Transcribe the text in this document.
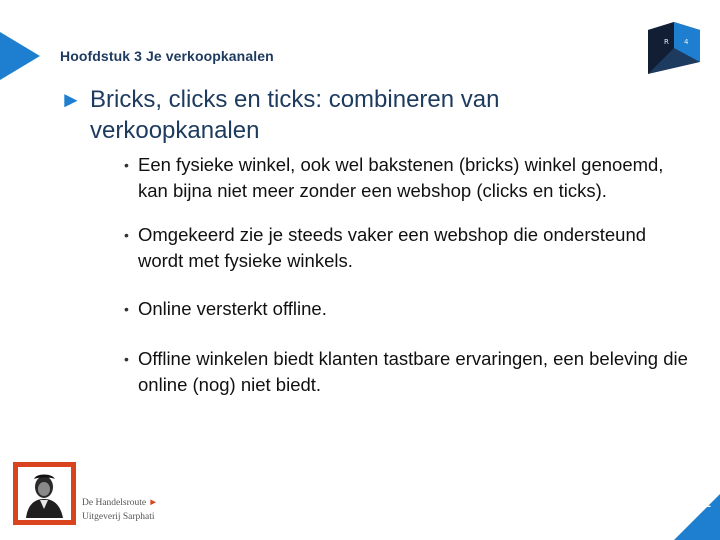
Hoofdstuk 3 Je verkoopkanalen
R 4
► Bricks, clicks en ticks: combineren van
verkoopkanalen
• Een fysieke winkel, ook wel bakstenen (bricks) winkel genoemd, kan bijna niet meer zonder een webshop (clicks en ticks).
• Omgekeerd zie je steeds vaker een webshop die ondersteund wordt met fysieke winkels.
• Online versterkt offline.
• Offline winkelen biedt klanten tastbare ervaringen, een beleving die online (nog) niet biedt.
De Handelsroute ►
Uitgeverij Sarphati
2
